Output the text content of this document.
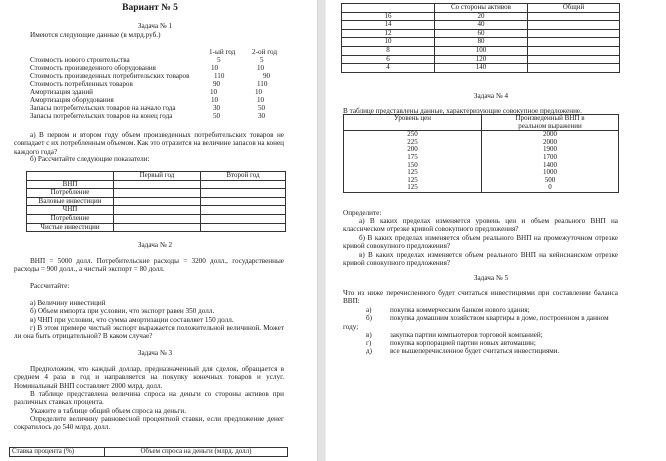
Вариант № 5
Задача № 1
Имеются следующие данные (в млрд.руб.)
1-ый год 2-ой год
Стоимость нового строительства	5	5
Стоимость произведенного оборудования	10	10
Стоимость произведенных потребительских товаров	110	90
Стоимость потребленных товаров	90	110
Амортизация зданий	10	10
Амортизация оборудования	10	10
Запасы потребительских товаров на начало года	30	50
Запасы потребительских товаров на конец года	50	30
а) В первом и втором году объем произведенных потребительских товаров не совпадает с их потребленным объемом. Как это отразится на величине запасов на конец каждого года?
б) Рассчитайте следующие показатели:
	Первый год	Второй год
ВНП		
Потребление		
Валовые инвестиции		
ЧНП		
Потребление		
Чистые инвестиции		
Задача № 2
ВНП = 5000 долл. Потребительские расходы = 3200 долл., государственные расходы = 900 долл., а чистый экспорт = 80 долл.
Рассчитайте:
а) Величину инвестиций
б) Объем импорта при условии, что экспорт равен 350 долл.
в) ЧНП при условии, что сумма амортизации составляет 150 долл.
г) В этом примере чистый экспорт выражается положительной величиной. Может ли она быть отрицательной? В каком случае?
Задача № 3
Предположим, что каждый доллар, предназначенный для сделок, обращается в среднем 4 раза в год и направляется на покупку конечных товаров и услуг. Номинальный ВНП составляет 2000 млрд. долл.
В таблице представлена величина спроса на деньги со стороны активов при различных ставках процента.
Укажите в таблице общий объем спроса на деньги.
Определите величину равновесной процентной ставки, если предложение денег сократилось до 540 млрд. долл.
Ставка процента (%)	Объем спроса на деньги (млрд. долл)
	Со стороны активов	Общий
16	20	
14	40	
12	60	
10	80	
8	100	
6	120	
4	140	
Задача № 4
В таблице представлены данные, характеризующие совокупное предложение.
Уровень цен	Произведенный ВНП в реальном выражении
250	2000
225	2000
200	1900
175	1700
150	1400
125	1000
125	500
125	0
Определите:
а) В каких пределах изменяется уровень цен и объем реального ВНП на классическом отрезке кривой совокупного предложения?
б) В каких пределах изменяется объем реального ВНП на промежуточном отрезке кривой совокупного предложения?
в) В каких пределах изменяется объем реального ВНП на кейнсианском отрезке кривой совокупного предложения?
Задача № 5
Что из ниже перечисленного будет считаться инвестициями при составлении баланса ВВП:
а)	покупка коммерческим банком нового здания;
б)	покупка домашним хозяйством квартиры в доме, построенном в данном
году;
в)	закупка партии компьютеров торговой компанией;
г)	покупка корпорацией партии новых автомашин;
д)	все вышеперечисленное будет считаться инвестициями.
